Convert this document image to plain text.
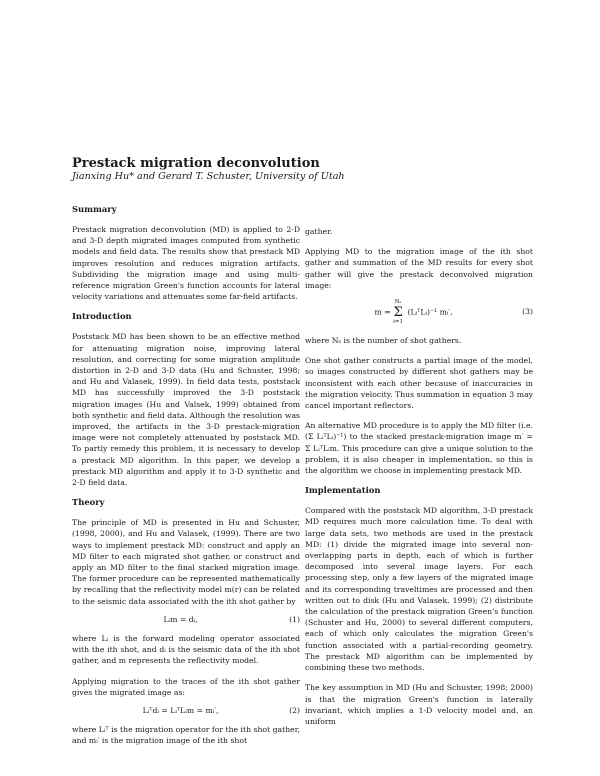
Prestack migration deconvolution
Jianxing Hu* and Gerard T. Schuster, University of Utah
Summary

Prestack migration deconvolution (MD) is applied to 2-D and 3-D depth migrated images computed from synthetic models and field data. The results show that prestack MD improves resolution and reduces migration artifacts. Subdividing the migration image and using multi-reference migration Green's function accounts for lateral velocity variations and attenuates some far-field artifacts.

Introduction

Poststack MD has been shown to be an effective method for attenuating migration noise, improving lateral resolution, and correcting for some migration amplitude distortion in 2-D and 3-D data (Hu and Schuster, 1998; and Hu and Valasek, 1999). In field data tests, poststack MD has successfully improved the 3-D poststack migration images (Hu and Valsek, 1999) obtained from both synthetic and field data. Although the resolution was improved, the artifacts in the 3-D prestack-migration image were not completely attenuated by poststack MD. To partly remedy this problem, it is necessary to develop a prestack MD algorithm. In this paper, we develop a prestack MD algorithm and apply it to 3-D synthetic and 2-D field data.

Theory

The principle of MD is presented in Hu and Schuster, (1998, 2000), and Hu and Valasek, (1999). There are two ways to implement prestack MD: construct and apply an MD filter to each migrated shot gather, or construct and apply an MD filter to the final stacked migration image. The former procedure can be represented mathematically by recalling that the reflectivity model m(r) can be related to the seismic data associated with the ith shot gather by

Lᵢm = dᵢ,	(1)

where Lᵢ is the forward modeling operator associated with the ith shot, and dᵢ is the seismic data of the ith shot gather, and m represents the reflectivity model.

Applying migration to the traces of the ith shot gather gives the migrated image as:

Lᵢᵀdᵢ = LᵢᵀLᵢm = mᵢ′,	(2)

where Lᵢᵀ is the migration operator for the ith shot gather, and mᵢ′ is the migration image of the ith shot

gather.

Applying MD to the migration image of the ith shot gather and summation of the MD results for every shot gather will give the prestack deconvolved migration image:

m =
Nₛ
Σ
i=1
(LᵢᵀLᵢ)⁻¹ mᵢ′,	(3)

where Nₛ is the number of shot gathers.

One shot gather constructs a partial image of the model, so images constructed by different shot gathers may be inconsistent with each other because of inaccuracies in the migration velocity. Thus summation in equation 3 may cancel important reflectors.

An alternative MD procedure is to apply the MD filter (i.e. (Σ LᵢᵀLᵢ)⁻¹) to the stacked prestack-migration image m′ = Σ LᵢᵀLᵢm. This procedure can give a unique solution to the problem, it is also cheaper in implementation, so this is the algorithm we choose in implementing prestack MD.

Implementation

Compared with the poststack MD algorithm, 3-D prestack MD requires much more calculation time. To deal with large data sets, two methods are used in the prestack MD: (1) divide the migrated image into several non-overlapping parts in depth, each of which is further decomposed into several image layers. For each processing step, only a few layers of the migrated image and its corresponding traveltimes are processed and then written out to disk (Hu and Valasek, 1999); (2) distribute the calculation of the prestack migration Green's function (Schuster and Hu, 2000) to several different computers, each of which only calculates the migration Green's function associated with a partial-recording geometry. The prestack MD algorithm can be implemented by combining these two methods.

The key assumption in MD (Hu and Schuster, 1998; 2000) is that the migration Green's function is laterally invariant, which implies a 1-D velocity model and, an uniform
